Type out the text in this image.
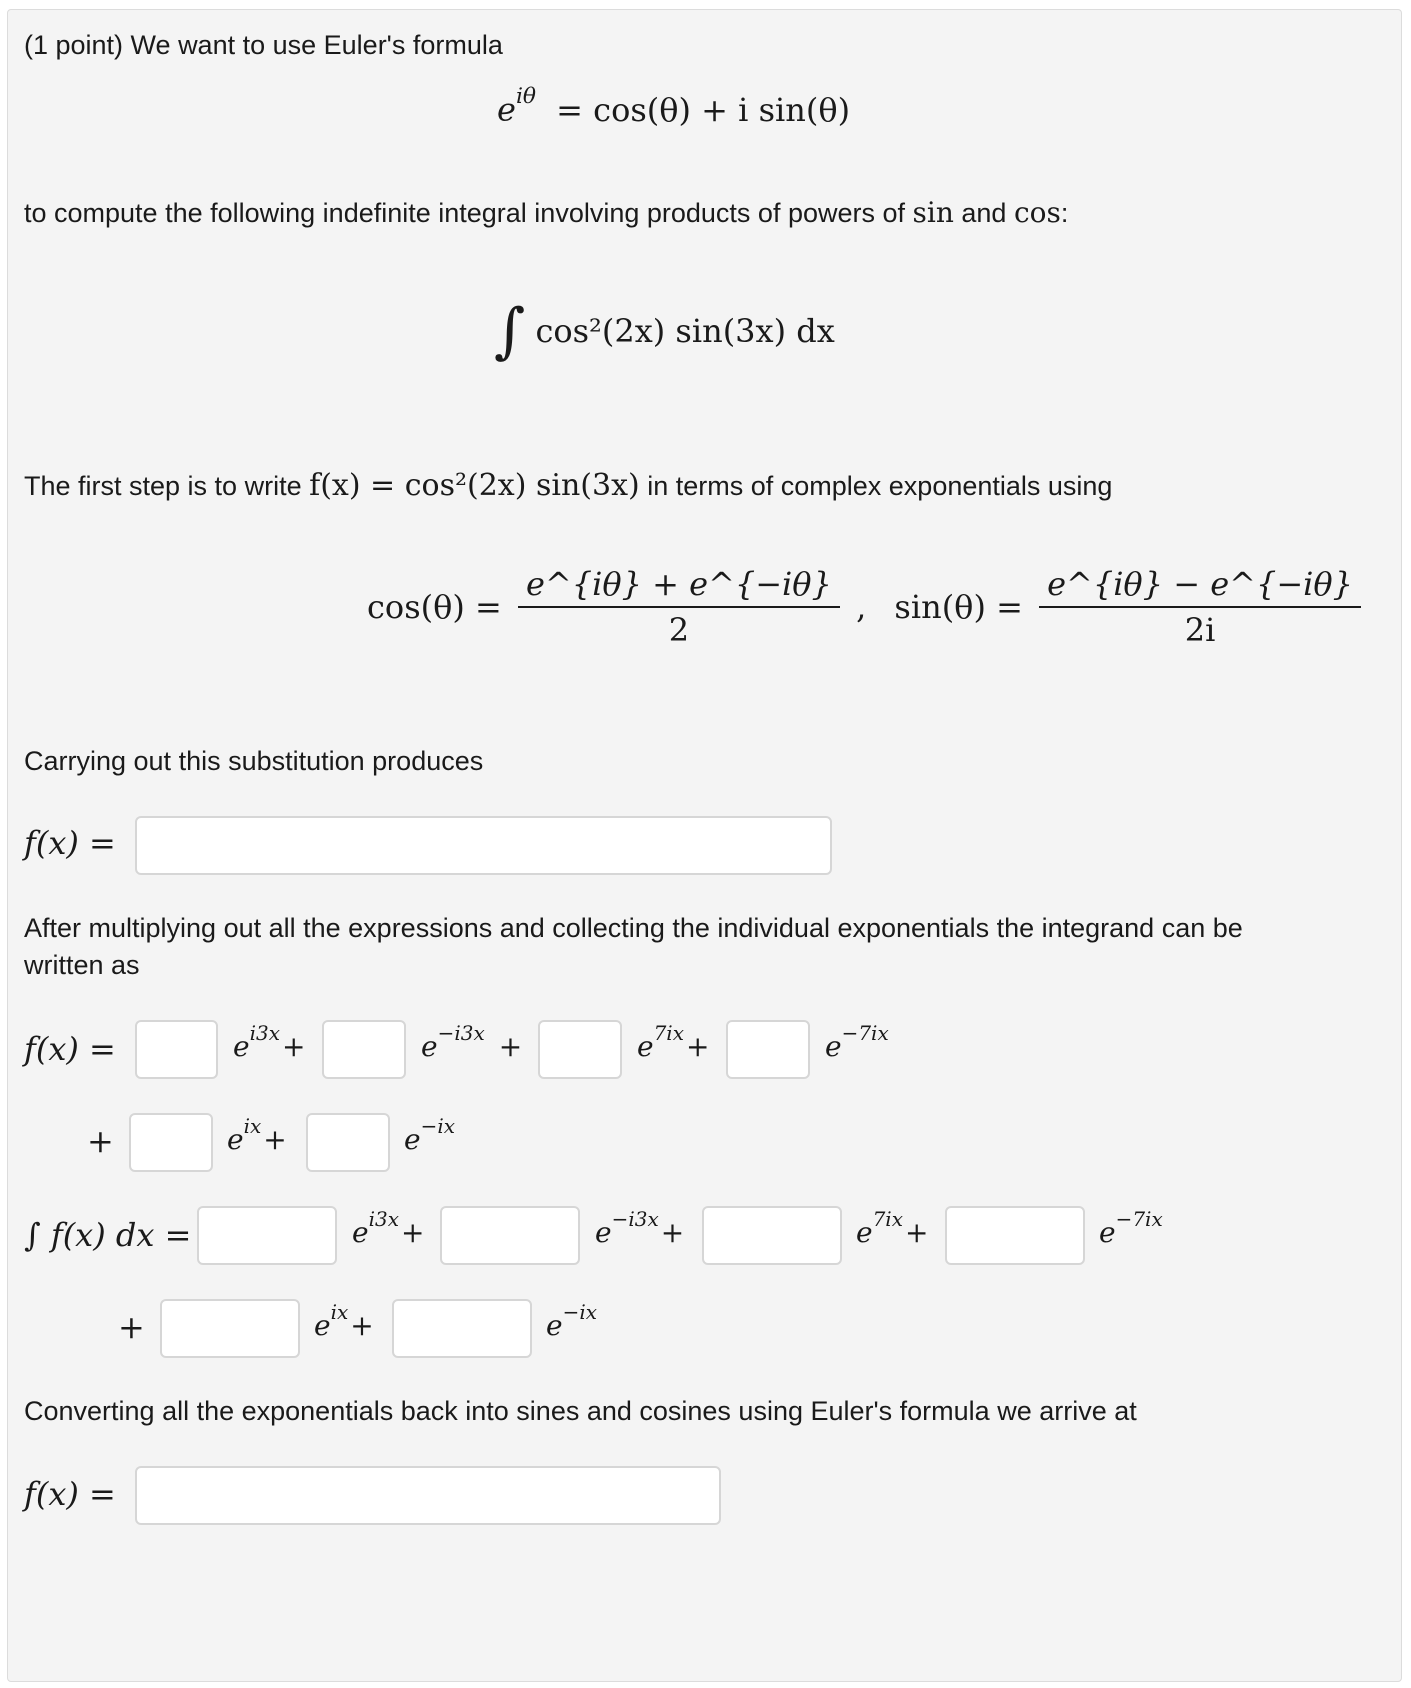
(1 point) We want to use Euler's formula
$e^{i\theta} = \cos(\theta) + i$ sin(θ)
to compute the following indefinite integral involving products of powers of sin and cos:
∫ cos²(2x) sin(3x) dx
The first step is to write f(x) = cos²(2x) sin(3x) in terms of complex exponentials using
$\cos(\theta) = \frac{e\^{}\{i\theta\} + e\^{}\{-i\theta\}}{2}$ , $\sin(\theta) = \frac{e\^{}\{i\theta\} - e\^{}\{-i\theta\}}{2i}$
Carrying out this substitution produces
f(x) =
After multiplying out all the expressions and collecting the individual exponentials the integrand can be
written as
f(x) =	$e^{i3x}+$	$e^{-i3x}$ +	$e^{7ix}+$	$e^{-7ix}$
+	$e^{ix}+$	$e^{-ix}$
∫ f(x) dx =	$e^{i3x}+$	$e^{-i3x}+$	$e^{7ix}+$	$e^{-7ix}$
+	$e^{ix}+$	$e^{-ix}$
Converting all the exponentials back into sines and cosines using Euler's formula we arrive at
f(x) =
